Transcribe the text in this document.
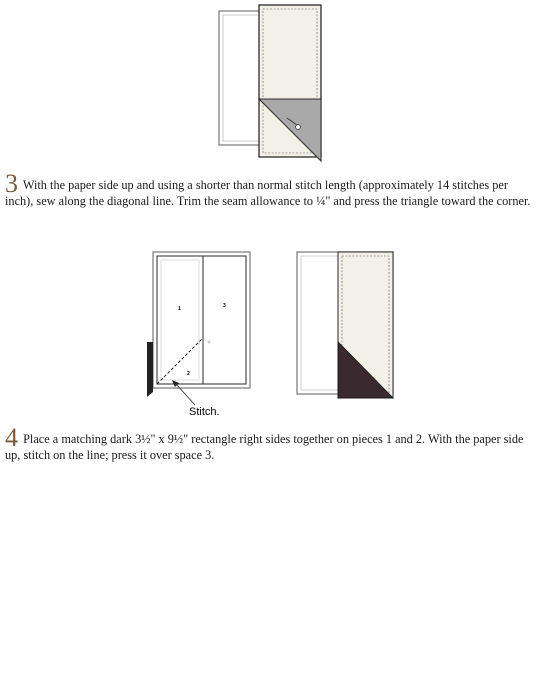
1	3
2
Stitch.
3 With the paper side up and using a shorter than normal stitch length (approximately 14 stitches per inch), sew along the diagonal line. Trim the seam allowance to ¼" and press the triangle toward the corner.
4 Place a matching dark 3½" x 9½" rectangle right sides together on pieces 1 and 2. With the paper side up, stitch on the line; press it over space 3.
